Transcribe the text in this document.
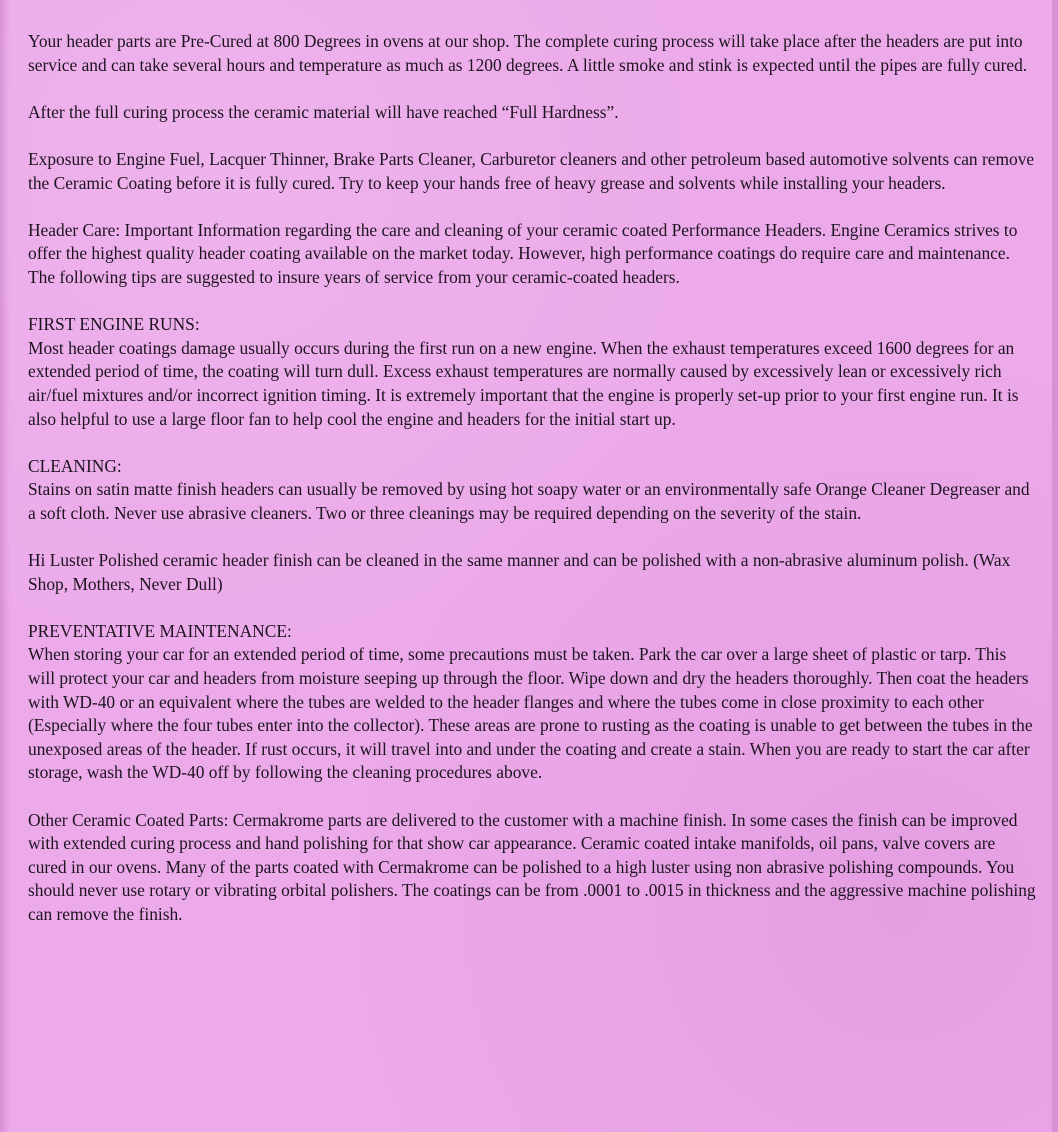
Your header parts are Pre-Cured at 800 Degrees in ovens at our shop. The complete curing process will take place after the headers are put into service and can take several hours and temperature as much as 1200 degrees. A little smoke and stink is expected until the pipes are fully cured.

After the full curing process the ceramic material will have reached “Full Hardness”.

Exposure to Engine Fuel, Lacquer Thinner, Brake Parts Cleaner, Carburetor cleaners and other petroleum based automotive solvents can remove the Ceramic Coating before it is fully cured. Try to keep your hands free of heavy grease and solvents while installing your headers.

Header Care: Important Information regarding the care and cleaning of your ceramic coated Performance Headers. Engine Ceramics strives to offer the highest quality header coating available on the market today. However, high performance coatings do require care and maintenance. The following tips are suggested to insure years of service from your ceramic-coated headers.

FIRST ENGINE RUNS:

Most header coatings damage usually occurs during the first run on a new engine. When the exhaust temperatures exceed 1600 degrees for an extended period of time, the coating will turn dull. Excess exhaust temperatures are normally caused by excessively lean or excessively rich air/fuel mixtures and/or incorrect ignition timing. It is extremely important that the engine is properly set-up prior to your first engine run. It is also helpful to use a large floor fan to help cool the engine and headers for the initial start up.

CLEANING:

Stains on satin matte finish headers can usually be removed by using hot soapy water or an environmentally safe Orange Cleaner Degreaser and a soft cloth. Never use abrasive cleaners. Two or three cleanings may be required depending on the severity of the stain.

Hi Luster Polished ceramic header finish can be cleaned in the same manner and can be polished with a non-abrasive aluminum polish. (Wax Shop, Mothers, Never Dull)

PREVENTATIVE MAINTENANCE:

When storing your car for an extended period of time, some precautions must be taken. Park the car over a large sheet of plastic or tarp. This will protect your car and headers from moisture seeping up through the floor. Wipe down and dry the headers thoroughly. Then coat the headers with WD-40 or an equivalent where the tubes are welded to the header flanges and where the tubes come in close proximity to each other (Especially where the four tubes enter into the collector). These areas are prone to rusting as the coating is unable to get between the tubes in the unexposed areas of the header. If rust occurs, it will travel into and under the coating and create a stain. When you are ready to start the car after storage, wash the WD-40 off by following the cleaning procedures above.

Other Ceramic Coated Parts: Cermakrome parts are delivered to the customer with a machine finish. In some cases the finish can be improved with extended curing process and hand polishing for that show car appearance. Ceramic coated intake manifolds, oil pans, valve covers are cured in our ovens. Many of the parts coated with Cermakrome can be polished to a high luster using non abrasive polishing compounds. You should never use rotary or vibrating orbital polishers. The coatings can be from .0001 to .0015 in thickness and the aggressive machine polishing can remove the finish.
